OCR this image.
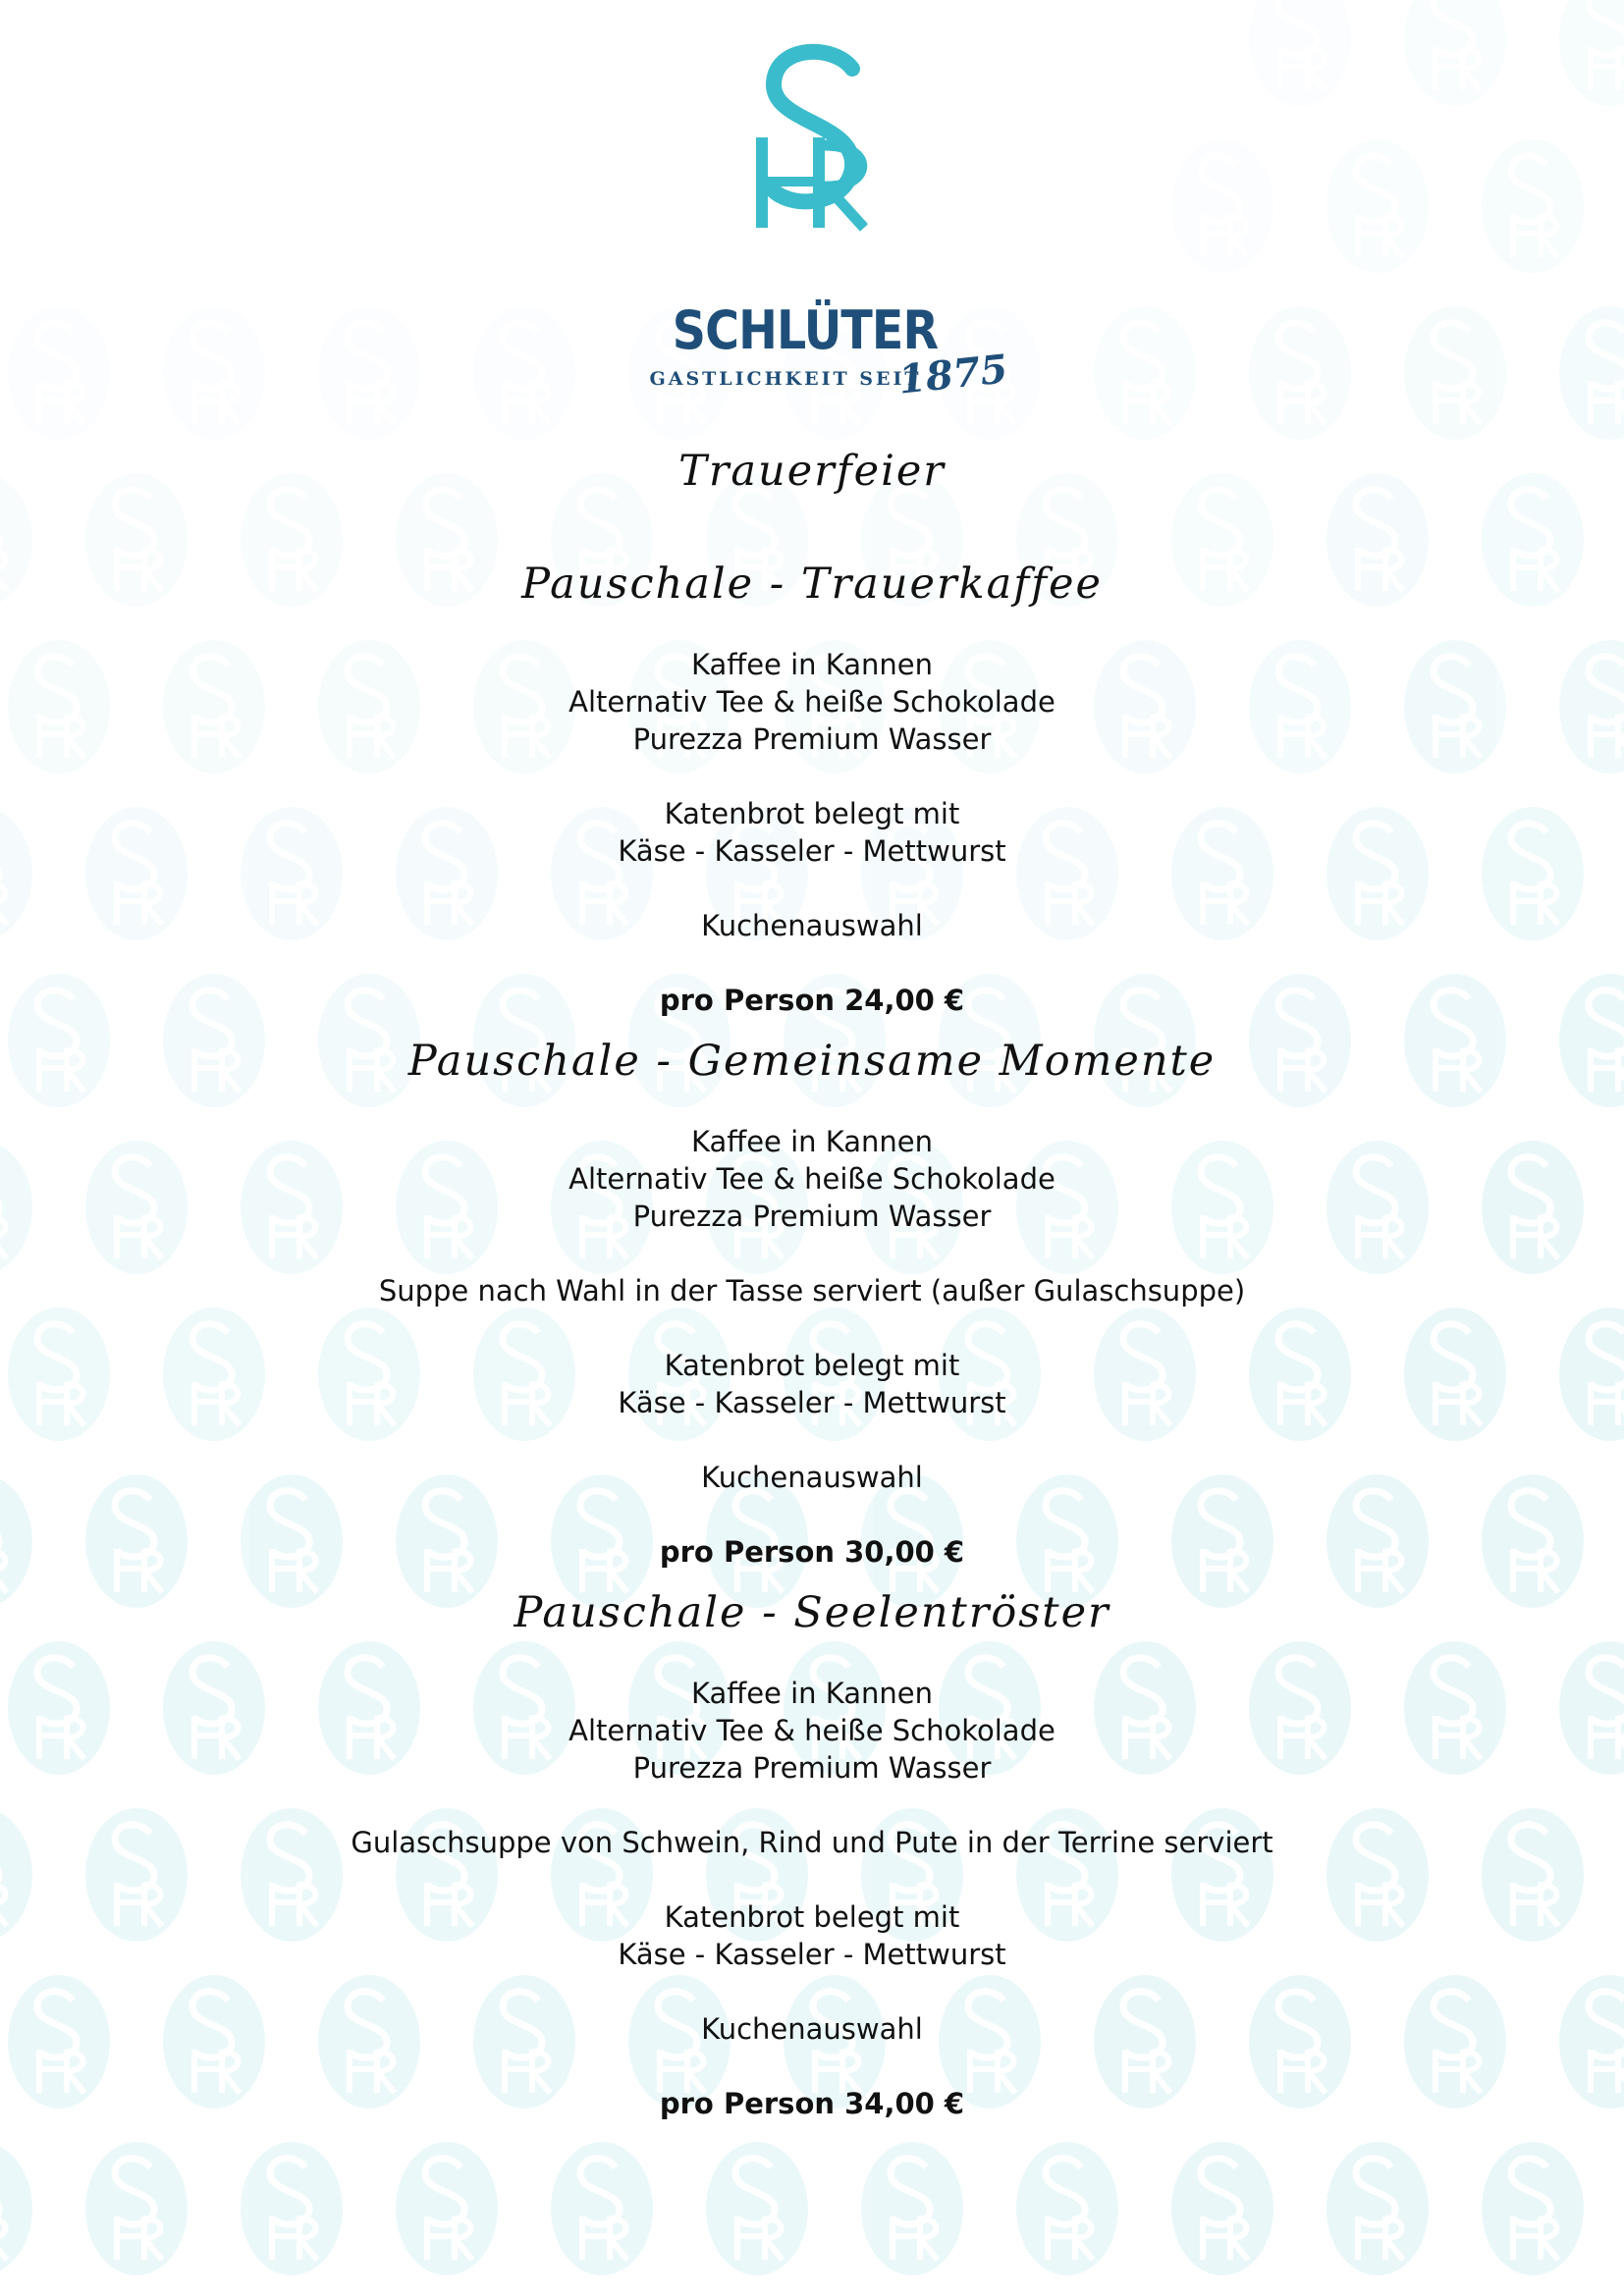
SCHLÜTER
GASTLICHKEIT SEIT
1875

Trauerfeier

Pauschale - Trauerkaffee

Kaffee in Kannen

Alternativ Tee & heiße Schokolade

Purezza Premium Wasser

Katenbrot belegt mit

Käse - Kasseler - Mettwurst

Kuchenauswahl

pro Person 24,00 €

Pauschale - Gemeinsame Momente

Kaffee in Kannen

Alternativ Tee & heiße Schokolade

Purezza Premium Wasser

Suppe nach Wahl in der Tasse serviert (außer Gulaschsuppe)

Katenbrot belegt mit

Käse - Kasseler - Mettwurst

Kuchenauswahl

pro Person 30,00 €

Pauschale - Seelentröster

Kaffee in Kannen

Alternativ Tee & heiße Schokolade

Purezza Premium Wasser

Gulaschsuppe von Schwein, Rind und Pute in der Terrine serviert

Katenbrot belegt mit

Käse - Kasseler - Mettwurst

Kuchenauswahl

pro Person 34,00 €
